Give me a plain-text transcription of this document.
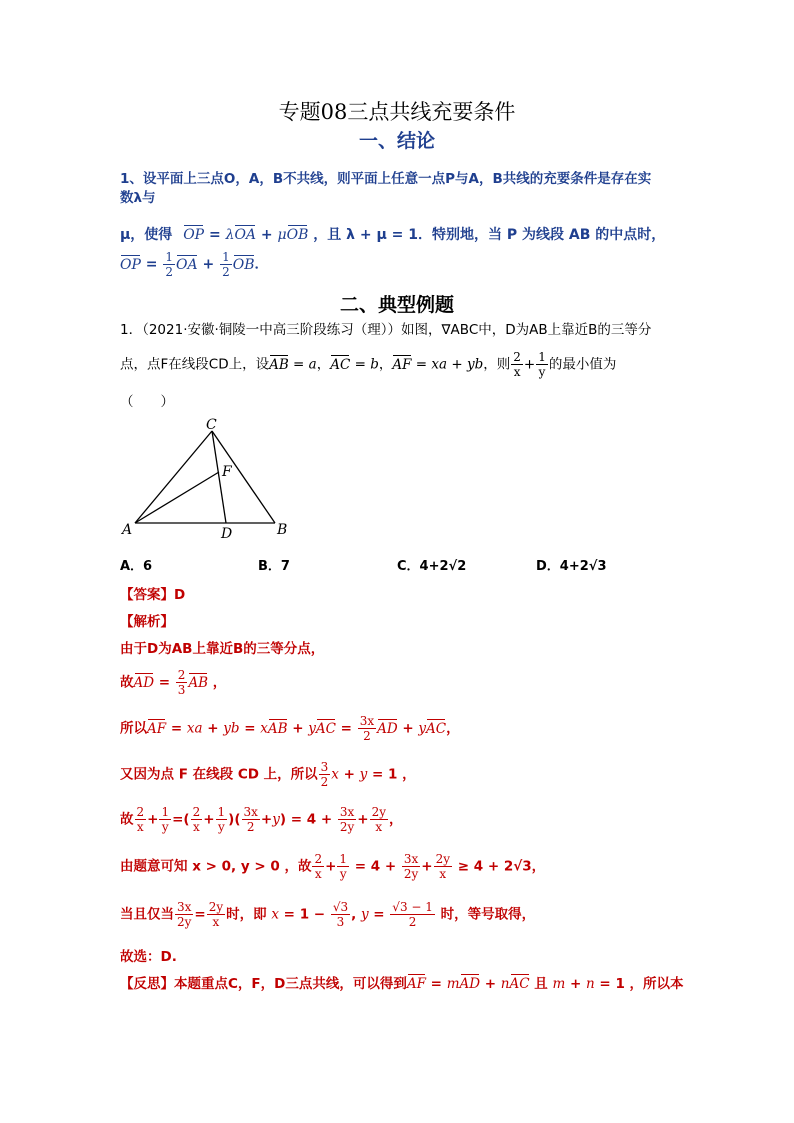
专题08三点共线充要条件
一、结论
1、设平面上三点O，A，B不共线，则平面上任意一点P与A，B共线的充要条件是存在实
数λ与
μ，使得 OP = λOA + μOB ，且 λ + μ = 1．特别地，当 P 为线段 AB 的中点时，
OP = $\frac{1}{2}$ OA + $\frac{1}{2}$ OB．
二、典型例题
1．（2021·安徽·铜陵一中高三阶段练习（理））如图，∇ABC中，D为AB上靠近B的三等分
点，点F在线段CD上，设AB = a，AC = b，AF = xa + yb，则 $\frac{2}{x} + \frac{1}{y}$ 的最小值为
（　　）
C
F
A	D	B
A．6	B．7	C．4+2√2	D．4+2√3
【答案】D
【解析】
由于D为AB上靠近B的三等分点，
故AD = $\frac{2}{3}$ AB ，
所以AF = xa + yb = xAB + yAC = $\frac{3x}{2}$ AD + yAC，
又因为点 F 在线段 CD 上，所以 $\frac{3}{2}$ x + y = 1 ，
故 $\frac{2}{x} + \frac{1}{y}$ =( $\frac{2}{x} + \frac{1}{y}$ )( $\frac{3x}{2} +y) = 4 + \frac{3x}{2y} + \frac{2y}{x}$ ，
由题意可知 x > 0, y > 0 ，故 $\frac{2}{x} + \frac{1}{y} = 4 + \frac{3x}{2y} + \frac{2y}{x} \ge 4 + 2√3$，
当且仅当 $\frac{3x}{2y} = \frac{2y}{x}$ 时，即 $x = 1 - \frac{√3}{3}$ , $y = \frac{√3 - 1}{2}$ 时，等号取得，
故选：D.
【反思】本题重点C，F，D三点共线，可以得到AF = mAD + nAC 且 m + n = 1 ，所以本
